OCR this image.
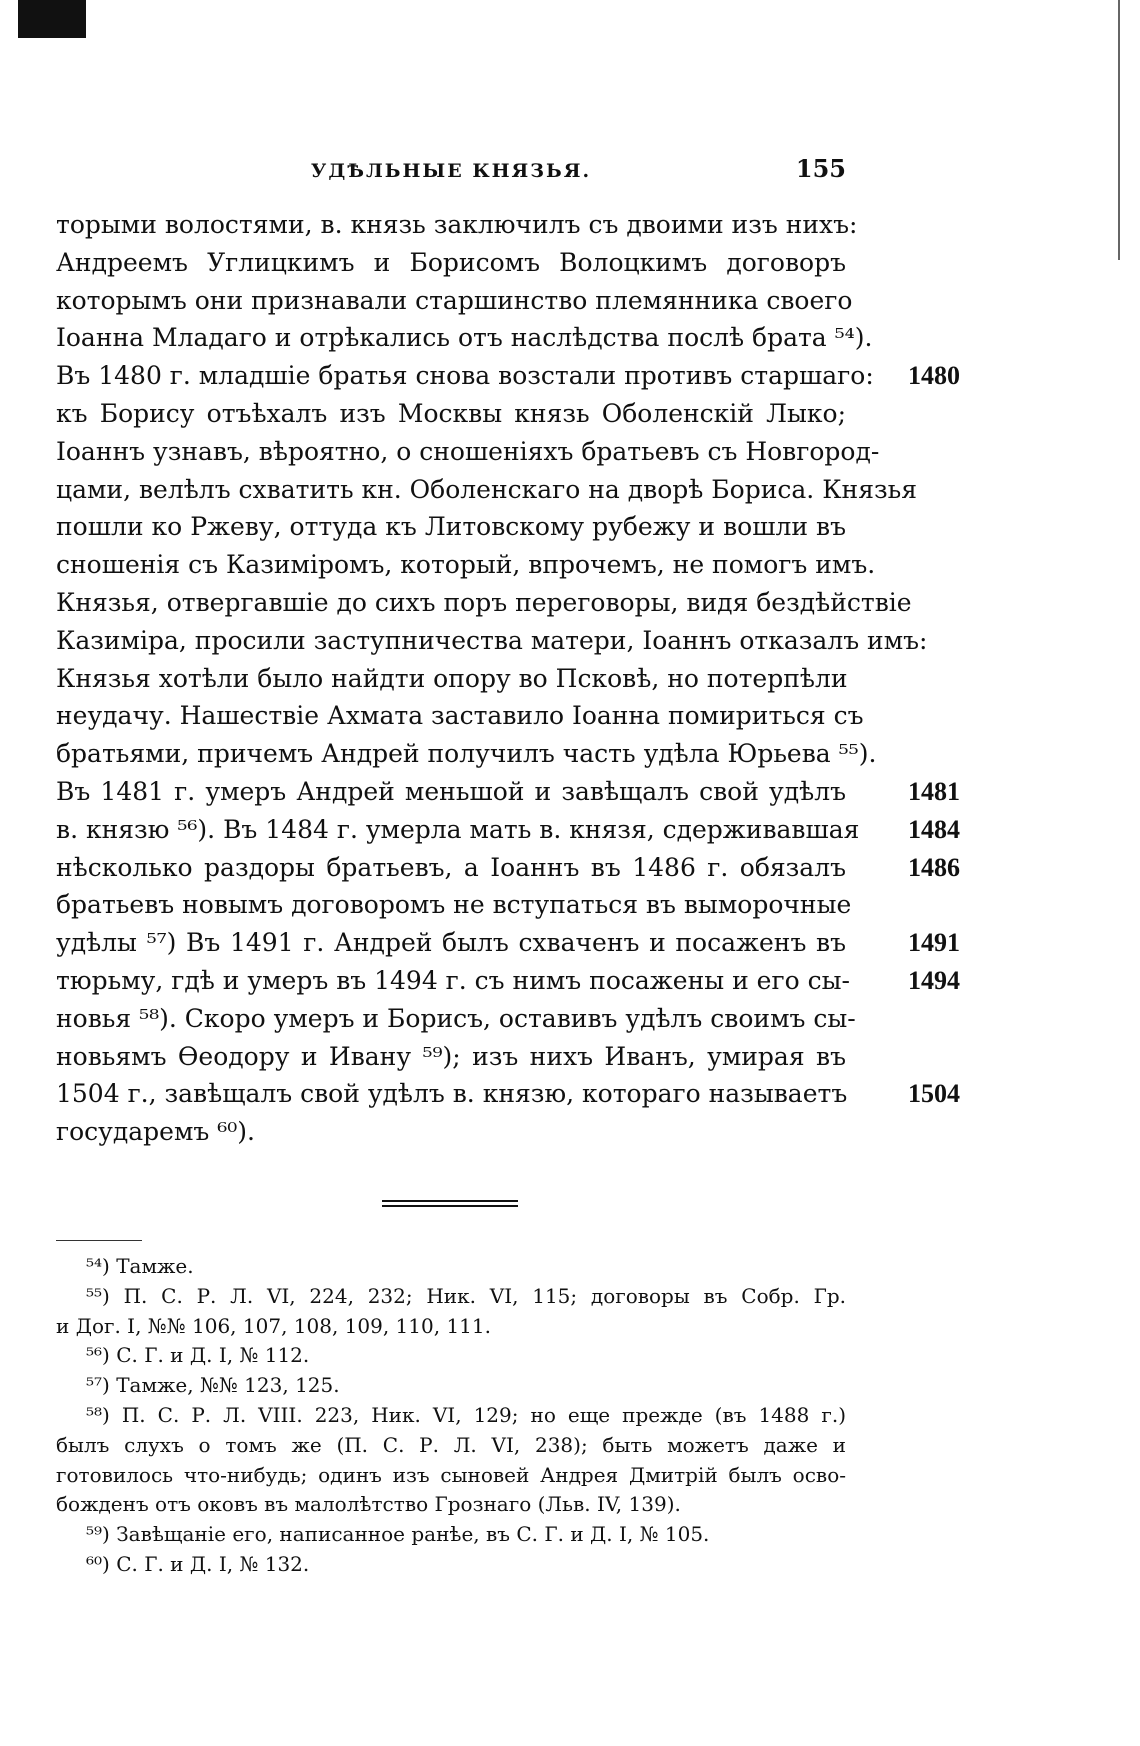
УДѢЛЬНЫЕ КНЯЗЬЯ.	155
торыми волостями, в. князь заключилъ съ двоими изъ нихъ:
Андреемъ Углицкимъ и Борисомъ Волоцкимъ договоръ
которымъ они признавали старшинство племянника своего
Іоанна Младаго и отрѣкались отъ наслѣдства послѣ брата ⁵⁴).
Въ 1480 г. младшіе братья снова возстали противъ старшаго:
къ Борису отъѣхалъ изъ Москвы князь Оболенскій Лыко;
Іоаннъ узнавъ, вѣроятно, о сношеніяхъ братьевъ съ Новгород-
цами, велѣлъ схватить кн. Оболенскаго на дворѣ Бориса. Князья
пошли ко Ржеву, оттуда къ Литовскому рубежу и вошли въ
сношенія съ Казиміромъ, который, впрочемъ, не помогъ имъ.
Князья, отвергавшіе до сихъ поръ переговоры, видя бездѣйствіе
Казиміра, просили заступничества матери, Іоаннъ отказалъ имъ:
Князья хотѣли было найдти опору во Псковѣ, но потерпѣли
неудачу. Нашествіе Ахмата заставило Іоанна помириться съ
братьями, причемъ Андрей получилъ часть удѣла Юрьева ⁵⁵).
Въ 1481 г. умеръ Андрей меньшой и завѣщалъ свой удѣлъ
в. князю ⁵⁶). Въ 1484 г. умерла мать в. князя, сдерживавшая
нѣсколько раздоры братьевъ, а Іоаннъ въ 1486 г. обязалъ
братьевъ новымъ договоромъ не вступаться въ выморочные
удѣлы ⁵⁷) Въ 1491 г. Андрей былъ схваченъ и посаженъ въ
тюрьму, гдѣ и умеръ въ 1494 г. съ нимъ посажены и его сы-
новья ⁵⁸). Скоро умеръ и Борисъ, оставивъ удѣлъ своимъ сы-
новьямъ Өеодору и Ивану ⁵⁹); изъ нихъ Иванъ, умирая въ
1504 г., завѣщалъ свой удѣлъ в. князю, котораго называетъ
государемъ ⁶⁰).
1480
1481
1484
1486
1491
1494
1504
⁵⁴) Тамже.
⁵⁵) П. С. Р. Л. VI, 224, 232; Ник. VI, 115; договоры въ Собр. Гр.
и Дог. I, №№ 106, 107, 108, 109, 110, 111.
⁵⁶) С. Г. и Д. I, № 112.
⁵⁷) Тамже, №№ 123, 125.
⁵⁸) П. С. Р. Л. VIII. 223, Ник. VI, 129; но еще прежде (въ 1488 г.)
былъ слухъ о томъ же (П. С. Р. Л. VI, 238); быть можетъ даже и
готовилось что-нибудь; одинъ изъ сыновей Андрея Дмитрій былъ осво-
божденъ отъ оковъ въ малолѣтство Грознаго (Льв. IV, 139).
⁵⁹) Завѣщаніе его, написанное ранѣе, въ С. Г. и Д. I, № 105.
⁶⁰) С. Г. и Д. I, № 132.
